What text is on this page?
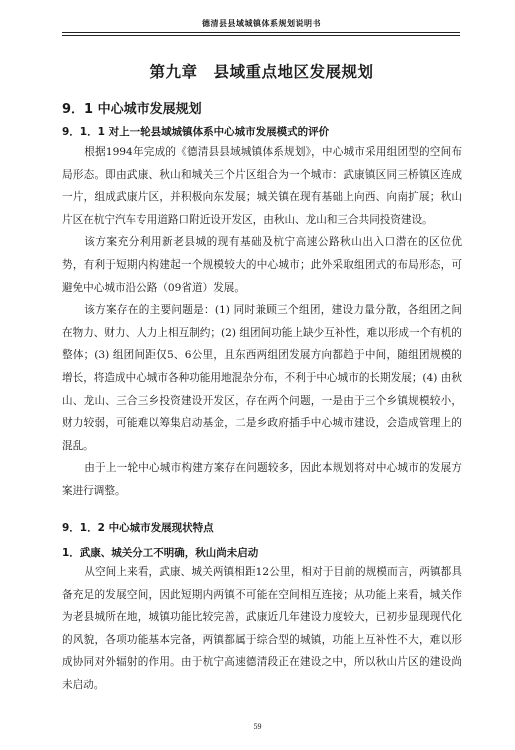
德清县县域城镇体系规划说明书
第九章　县域重点地区发展规划
9．1 中心城市发展规划
9．1．1 对上一轮县域城镇体系中心城市发展模式的评价

根据1994年完成的《德清县县域城镇体系规划》，中心城市采用组团型的空间布局形态。即由武康、秋山和城关三个片区组合为一个城市：武康镇区同三桥镇区连成一片，组成武康片区，并积极向东发展；城关镇在现有基础上向西、向南扩展；秋山片区在杭宁汽车专用道路口附近设开发区，由秋山、龙山和三合共同投资建设。

该方案充分利用新老县城的现有基础及杭宁高速公路秋山出入口潜在的区位优势，有利于短期内构建起一个规模较大的中心城市；此外采取组团式的布局形态，可避免中心城市沿公路（09省道）发展。

该方案存在的主要问题是：(1) 同时兼顾三个组团，建设力量分散，各组团之间在物力、财力、人力上相互制约；(2) 组团间功能上缺少互补性，难以形成一个有机的整体；(3) 组团间距仅5、6公里，且东西两组团发展方向都趋于中间，随组团规模的增长，将造成中心城市各种功能用地混杂分布，不利于中心城市的长期发展；(4) 由秋山、龙山、三合三乡投资建设开发区，存在两个问题，一是由于三个乡镇规模较小，财力较弱，可能难以筹集启动基金，二是乡政府插手中心城市建设，会造成管理上的混乱。

由于上一轮中心城市构建方案存在问题较多，因此本规划将对中心城市的发展方案进行调整。

9．1．2 中心城市发展现状特点
1．武康、城关分工不明确，秋山尚未启动

从空间上来看，武康、城关两镇相距12公里，相对于目前的规模而言，两镇都具备充足的发展空间，因此短期内两镇不可能在空间相互连接；从功能上来看，城关作为老县城所在地，城镇功能比较完善，武康近几年建设力度较大，已初步显现现代化的风貌，各项功能基本完备，两镇都属于综合型的城镇，功能上互补性不大，难以形成协同对外辐射的作用。由于杭宁高速德清段正在建设之中，所以秋山片区的建设尚未启动。

59
